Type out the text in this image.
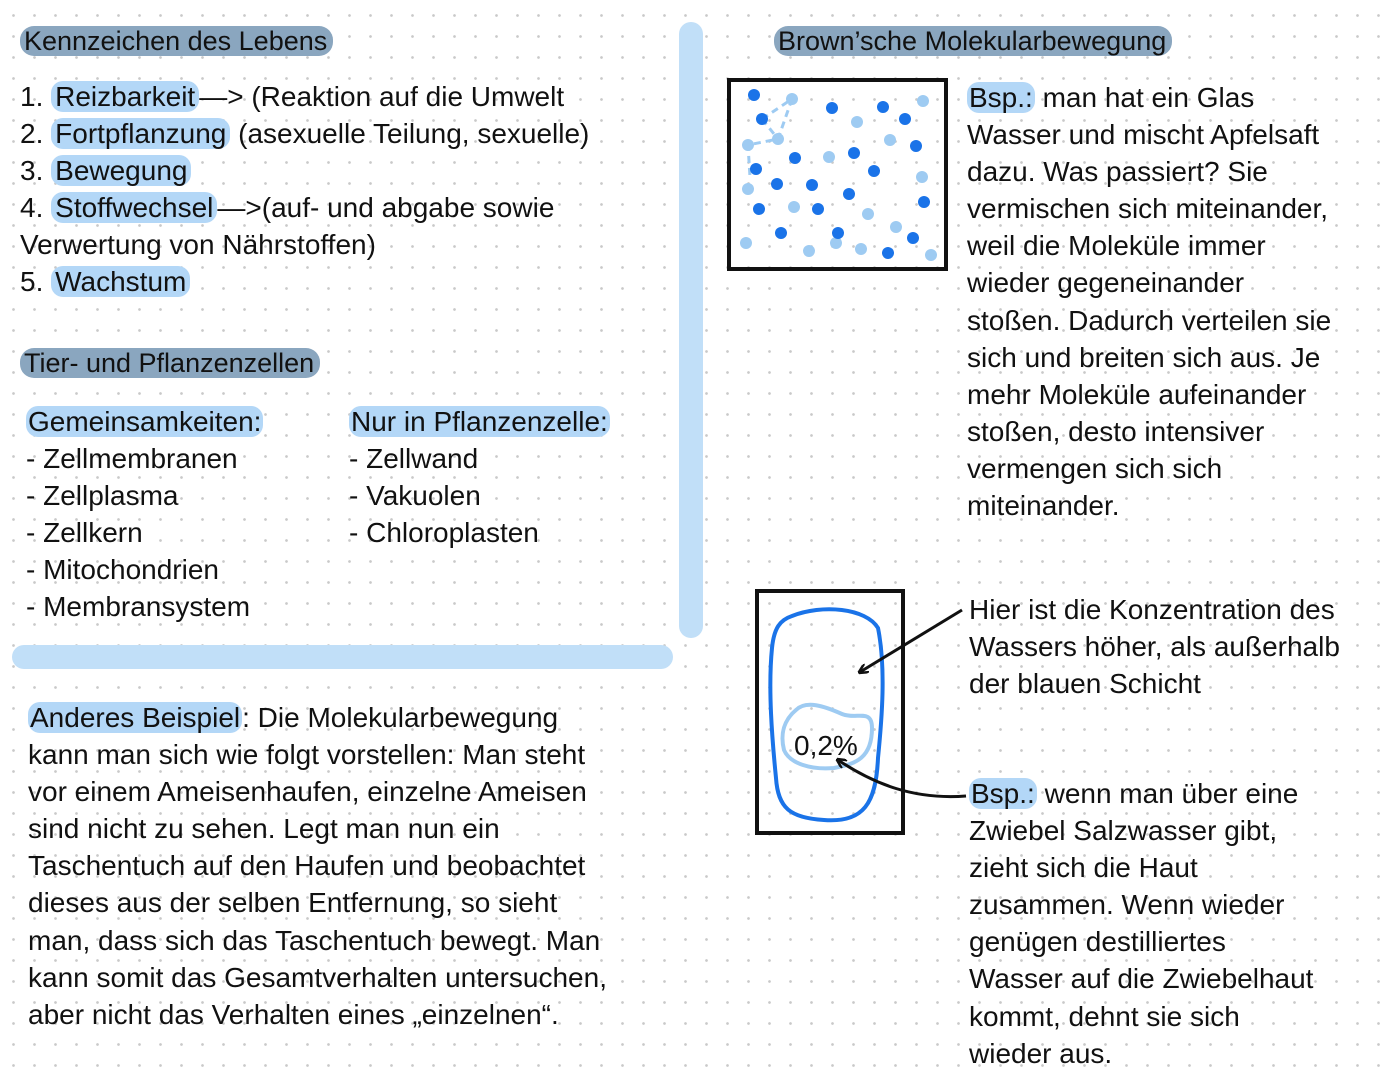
Kennzeichen des Lebens
1. Reizbarkeit —> (Reaktion auf die Umwelt
2. Fortpflanzung (asexuelle Teilung, sexuelle)
3. Bewegung
4. Stoffwechsel —>(auf- und abgabe sowie
Verwertung von Nährstoffen)
5. Wachstum
Tier- und Pflanzenzellen
Gemeinsamkeiten:
- Zellmembranen
- Zellplasma
- Zellkern
- Mitochondrien
- Membransystem
Nur in Pflanzenzelle:
- Zellwand
- Vakuolen
- Chloroplasten

Anderes Beispiel: Die Molekularbewegung

kann man sich wie folgt vorstellen: Man steht

vor einem Ameisenhaufen, einzelne Ameisen

sind nicht zu sehen. Legt man nun ein

Taschentuch auf den Haufen und beobachtet

dieses aus der selben Entfernung, so sieht

man, dass sich das Taschentuch bewegt. Man

kann somit das Gesamtverhalten untersuchen,

aber nicht das Verhalten eines „einzelnen“.

Brown’sche Molekularbewegung

Bsp.: man hat ein Glas

Wasser und mischt Apfelsaft

dazu. Was passiert? Sie

vermischen sich miteinander,

weil die Moleküle immer

wieder gegeneinander

stoßen. Dadurch verteilen sie

sich und breiten sich aus. Je

mehr Moleküle aufeinander

stoßen, desto intensiver

vermengen sich sich

miteinander.

0,2%

Hier ist die Konzentration des

Wassers höher, als außerhalb

der blauen Schicht

Bsp.: wenn man über eine

Zwiebel Salzwasser gibt,

zieht sich die Haut

zusammen. Wenn wieder

genügen destilliertes

Wasser auf die Zwiebelhaut

kommt, dehnt sie sich

wieder aus.
